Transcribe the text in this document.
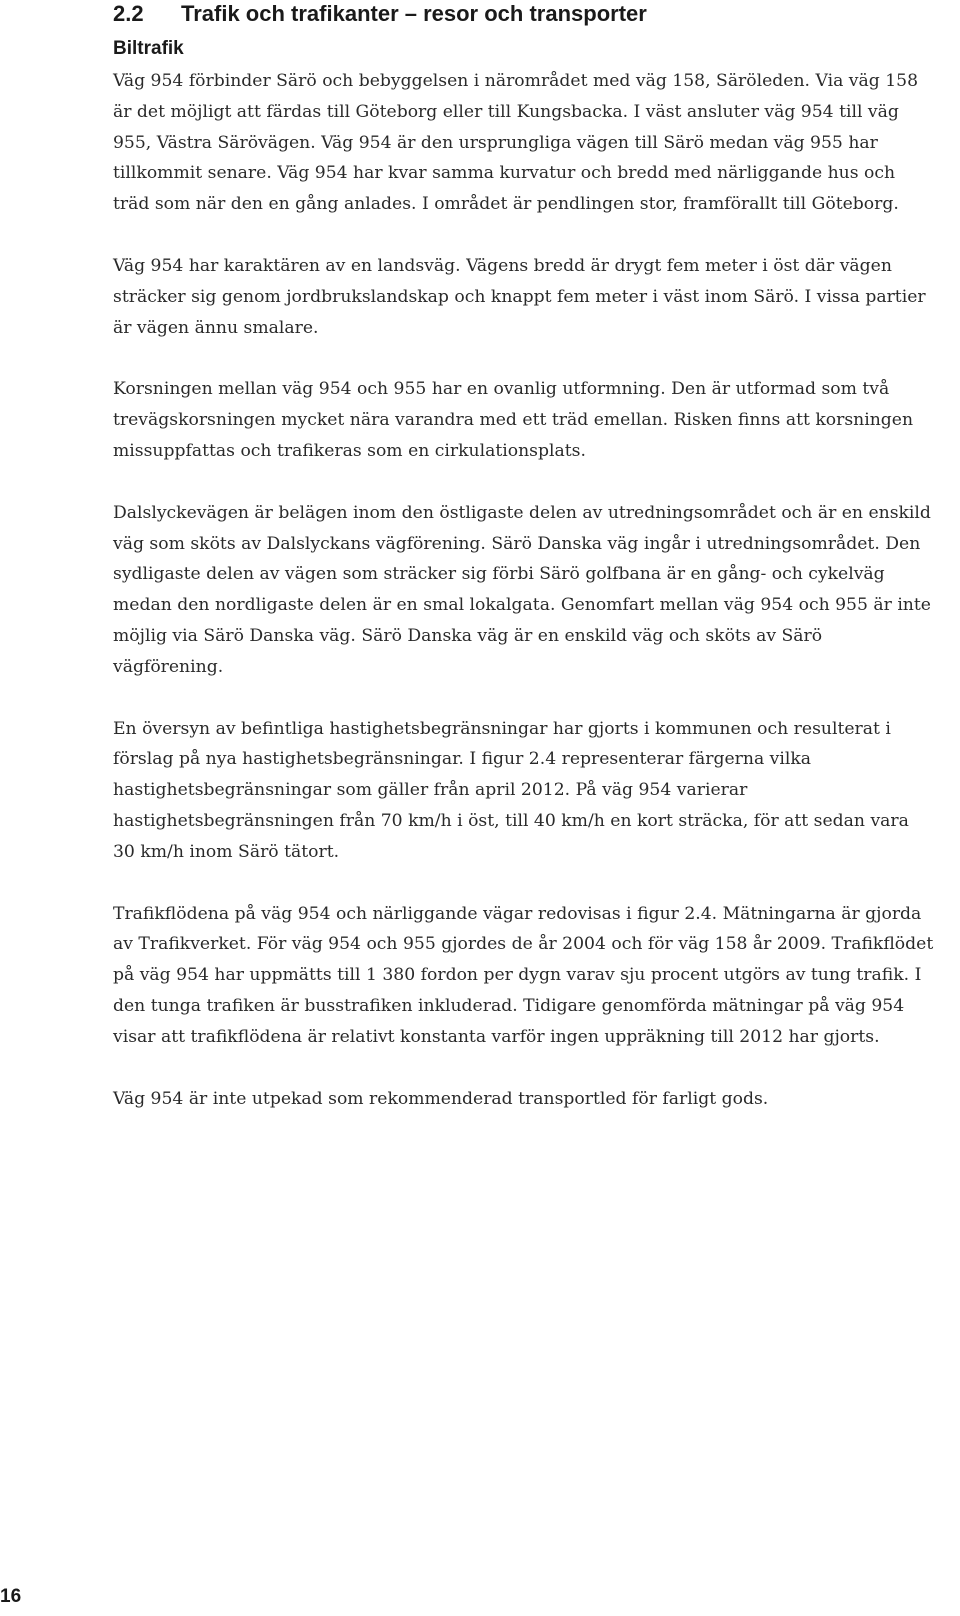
2.2 Trafik och trafikanter – resor och transporter
Biltrafik

Väg 954 förbinder Särö och bebyggelsen i närområdet med väg 158, Säröleden. Via väg 158 är det möjligt att färdas till Göteborg eller till Kungsbacka. I väst ansluter väg 954 till väg 955, Västra Särövägen. Väg 954 är den ursprungliga vägen till Särö medan väg 955 har tillkommit senare. Väg 954 har kvar samma kurvatur och bredd med närliggande hus och träd som när den en gång anlades. I området är pendlingen stor, framförallt till Göteborg.

Väg 954 har karaktären av en landsväg. Vägens bredd är drygt fem meter i öst där vägen sträcker sig genom jordbrukslandskap och knappt fem meter i väst inom Särö. I vissa partier är vägen ännu smalare.

Korsningen mellan väg 954 och 955 har en ovanlig utformning. Den är utformad som två trevägskorsningen mycket nära varandra med ett träd emellan. Risken finns att korsningen missuppfattas och trafikeras som en cirkulationsplats.

Dalslyckevägen är belägen inom den östligaste delen av utredningsområdet och är en enskild väg som sköts av Dalslyckans vägförening. Särö Danska väg ingår i utredningsområdet. Den sydligaste delen av vägen som sträcker sig förbi Särö golfbana är en gång- och cykelväg medan den nordligaste delen är en smal lokalgata. Genomfart mellan väg 954 och 955 är inte möjlig via Särö Danska väg. Särö Danska väg är en enskild väg och sköts av Särö vägförening.

En översyn av befintliga hastighetsbegränsningar har gjorts i kommunen och resulterat i förslag på nya hastighetsbegränsningar. I figur 2.4 representerar färgerna vilka hastighetsbegränsningar som gäller från april 2012. På väg 954 varierar hastighetsbegränsningen från 70 km/h i öst, till 40 km/h en kort sträcka, för att sedan vara 30 km/h inom Särö tätort.

Trafikflödena på väg 954 och närliggande vägar redovisas i figur 2.4. Mätningarna är gjorda av Trafikverket. För väg 954 och 955 gjordes de år 2004 och för väg 158 år 2009. Trafikflödet på väg 954 har uppmätts till 1 380 fordon per dygn varav sju procent utgörs av tung trafik. I den tunga trafiken är busstrafiken inkluderad. Tidigare genomförda mätningar på väg 954 visar att trafikflödena är relativt konstanta varför ingen uppräkning till 2012 har gjorts.

Väg 954 är inte utpekad som rekommenderad transportled för farligt gods.

16
